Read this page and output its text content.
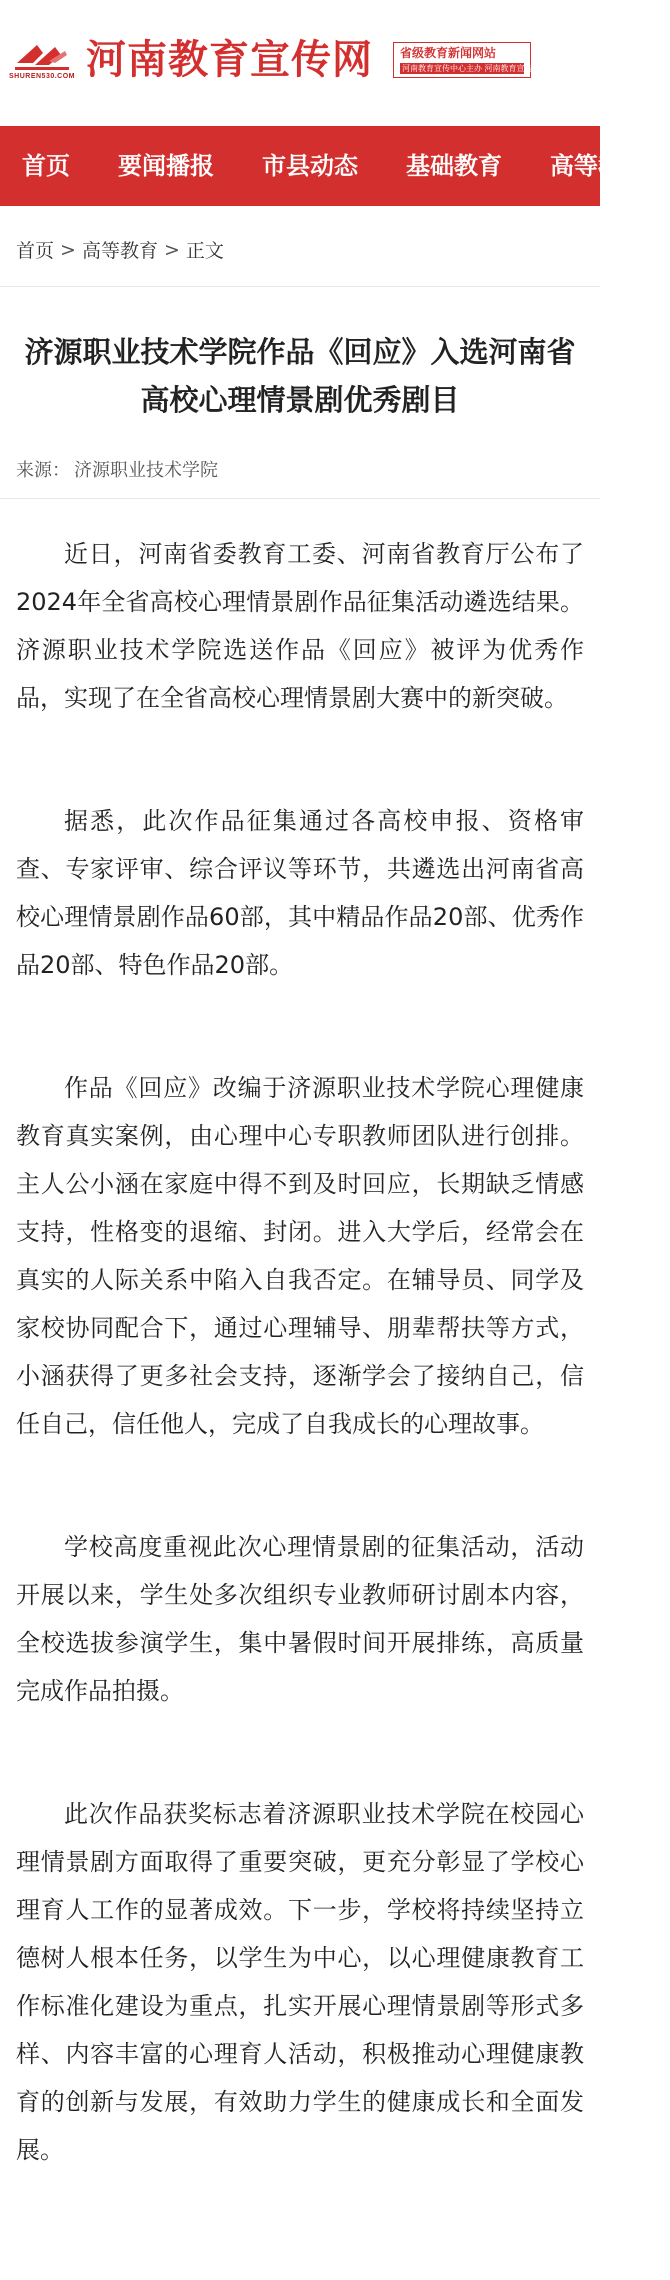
SHUREN530.COM 河南教育宣传网 省级教育新闻网站
河南教育宣传中心主办 河南教育宣传网站主办
首页	要闻播报	市县动态	基础教育	高等教育
首页 > 高等教育 > 正文
济源职业技术学院作品《回应》入选河南省高校心理情景剧优秀剧目
来源： 济源职业技术学院

近日，河南省委教育工委、河南省教育厅公布了2024年全省高校心理情景剧作品征集活动遴选结果。济源职业技术学院选送作品《回应》被评为优秀作品，实现了在全省高校心理情景剧大赛中的新突破。

据悉，此次作品征集通过各高校申报、资格审查、专家评审、综合评议等环节，共遴选出河南省高校心理情景剧作品60部，其中精品作品20部、优秀作品20部、特色作品20部。

作品《回应》改编于济源职业技术学院心理健康教育真实案例，由心理中心专职教师团队进行创排。主人公小涵在家庭中得不到及时回应，长期缺乏情感支持，性格变的退缩、封闭。进入大学后，经常会在真实的人际关系中陷入自我否定。在辅导员、同学及家校协同配合下，通过心理辅导、朋辈帮扶等方式，小涵获得了更多社会支持，逐渐学会了接纳自己，信任自己，信任他人，完成了自我成长的心理故事。

学校高度重视此次心理情景剧的征集活动，活动开展以来，学生处多次组织专业教师研讨剧本内容，全校选拔参演学生，集中暑假时间开展排练，高质量完成作品拍摄。

此次作品获奖标志着济源职业技术学院在校园心理情景剧方面取得了重要突破，更充分彰显了学校心理育人工作的显著成效。下一步，学校将持续坚持立德树人根本任务，以学生为中心，以心理健康教育工作标准化建设为重点，扎实开展心理情景剧等形式多样、内容丰富的心理育人活动，积极推动心理健康教育的创新与发展，有效助力学生的健康成长和全面发展。
